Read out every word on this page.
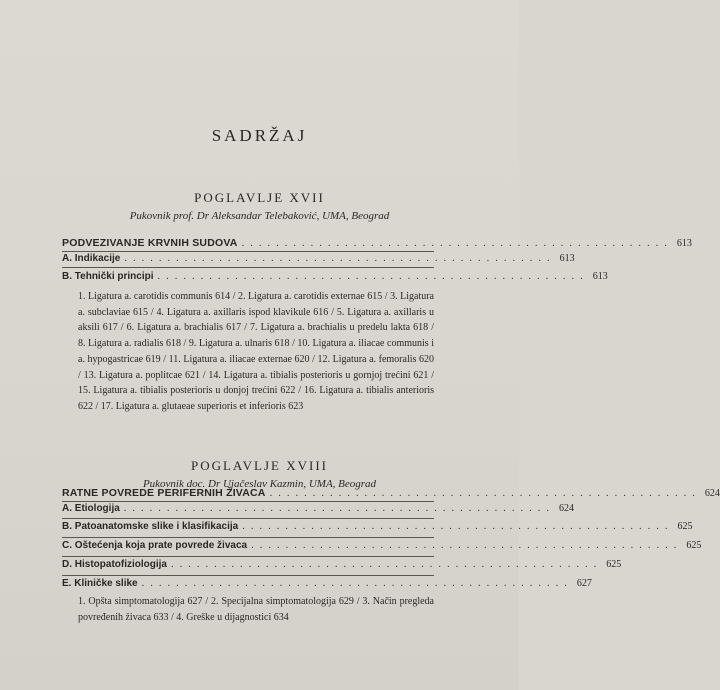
SADRŽAJ
POGLAVLJE XVII
Pukovnik prof. Dr Aleksandar Telebaković, UMA, Beograd
PODVEZIVANJE KRVNIH SUDOVA .................................................. 613
A. Indikacije .................................................. 613
B. Tehnički principi .................................................. 613
1. Ligatura a. carotidis communis 614 / 2. Ligatura a. carotidis externae 615 / 3. Ligatura a. subclaviae 615 / 4. Ligatura a. axillaris ispod klavikule 616 / 5. Ligatura a. axillaris u aksili 617 / 6. Ligatura a. brachialis 617 / 7. Ligatura a. brachialis u predelu lakta 618 / 8. Ligatura a. radialis 618 / 9. Ligatura a. ulnaris 618 / 10. Ligatura a. iliacae communis i a. hypogastricae 619 / 11. Ligatura a. iliacae externae 620 / 12. Ligatura a. femoralis 620 / 13. Ligatura a. poplitcae 621 / 14. Ligatura a. tibialis posterioris u gornjoj trećini 621 / 15. Ligatura a. tibialis posterioris u donjoj trećini 622 / 16. Ligatura a. tibialis anterioris 622 / 17. Ligatura a. glutaeae superioris et inferioris 623
POGLAVLJE XVIII
Pukovnik doc. Dr Ujačeslav Kazmin, UMA, Beograd
RATNE POVREDE PERIFERNIH ŽIVACA .................................................. 624
A. Etiologija .................................................. 624
B. Patoanatomske slike i klasifikacija .................................................. 625
C. Oštećenja koja prate povrede živaca .................................................. 625
D. Histopatofiziologija .................................................. 625
E. Kliničke slike .................................................. 627
1. Opšta simptomatologija 627 / 2. Specijalna simptomatologija 629 / 3. Način pregleda povređenih živaca 633 / 4. Greške u dijagnostici 634
